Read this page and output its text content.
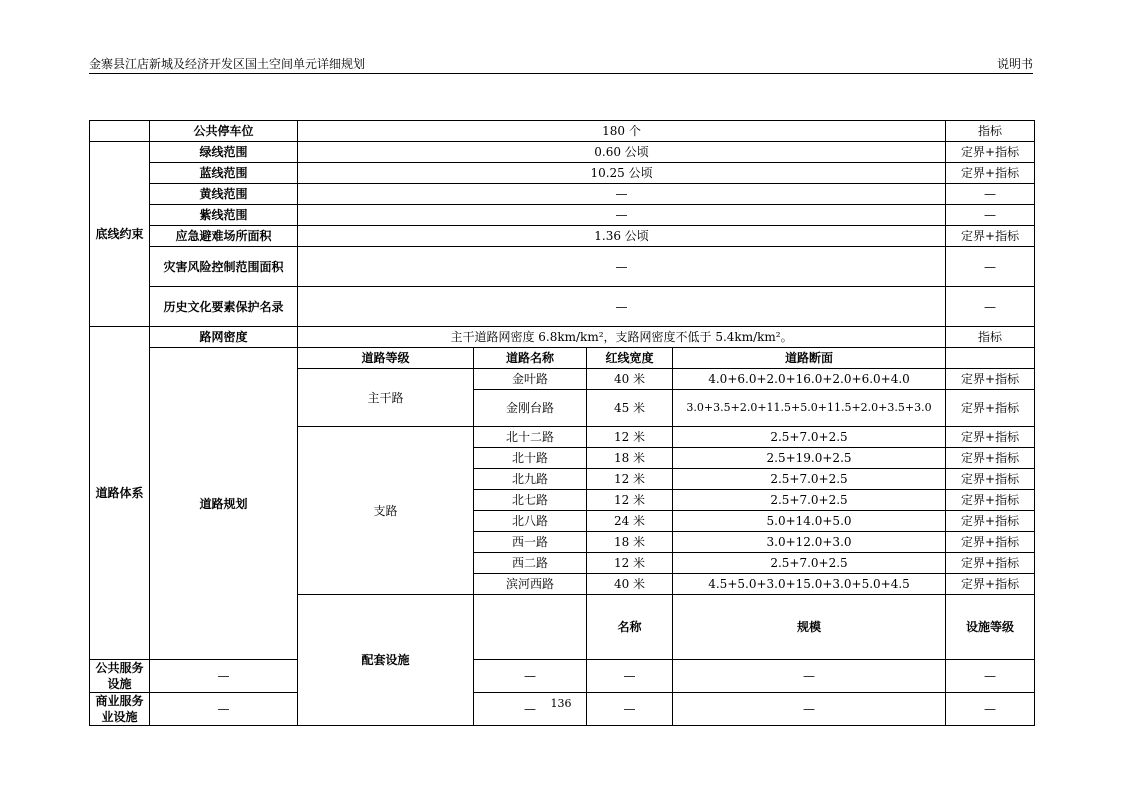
金寨县江店新城及经济开发区国土空间单元详细规划	说明书
	公共停车位	180 个				指标	
底线约束	绿线范围	0.60 公顷				定界+指标	
	蓝线范围	10.25 公顷				定界+指标	
	黄线范围	—				—	
	紫线范围	—				—	
	应急避难场所面积	1.36 公顷				定界+指标	
	灾害风险控制范围面积	—				—	
	历史文化要素保护名录	—				—	
道路体系	路网密度	主干道路网密度 6.8km/km²，支路网密度不低于 5.4km/km²。				指标	
	道路规划	道路等级	道路名称	红线宽度	道路断面		
		主干路	金叶路	40 米	4.0+6.0+2.0+16.0+2.0+6.0+4.0	定界+指标	
			金刚台路	45 米	3.0+3.5+2.0+11.5+5.0+11.5+2.0+3.5+3.0	定界+指标	
		支路	北十二路	12 米	2.5+7.0+2.5	定界+指标	
			北十路	18 米	2.5+19.0+2.5	定界+指标	
			北九路	12 米	2.5+7.0+2.5	定界+指标	
			北七路	12 米	2.5+7.0+2.5	定界+指标	
			北八路	24 米	5.0+14.0+5.0	定界+指标	
			西一路	18 米	3.0+12.0+3.0	定界+指标	
			西二路	12 米	2.5+7.0+2.5	定界+指标	
			滨河西路	40 米	4.5+5.0+3.0+15.0+3.0+5.0+4.5	定界+指标	
		配套设施		名称	规模	设施等级		
公共服务设施	—		—	—	—	—	
商业服务业设施	—		—	—	—	—	
136
